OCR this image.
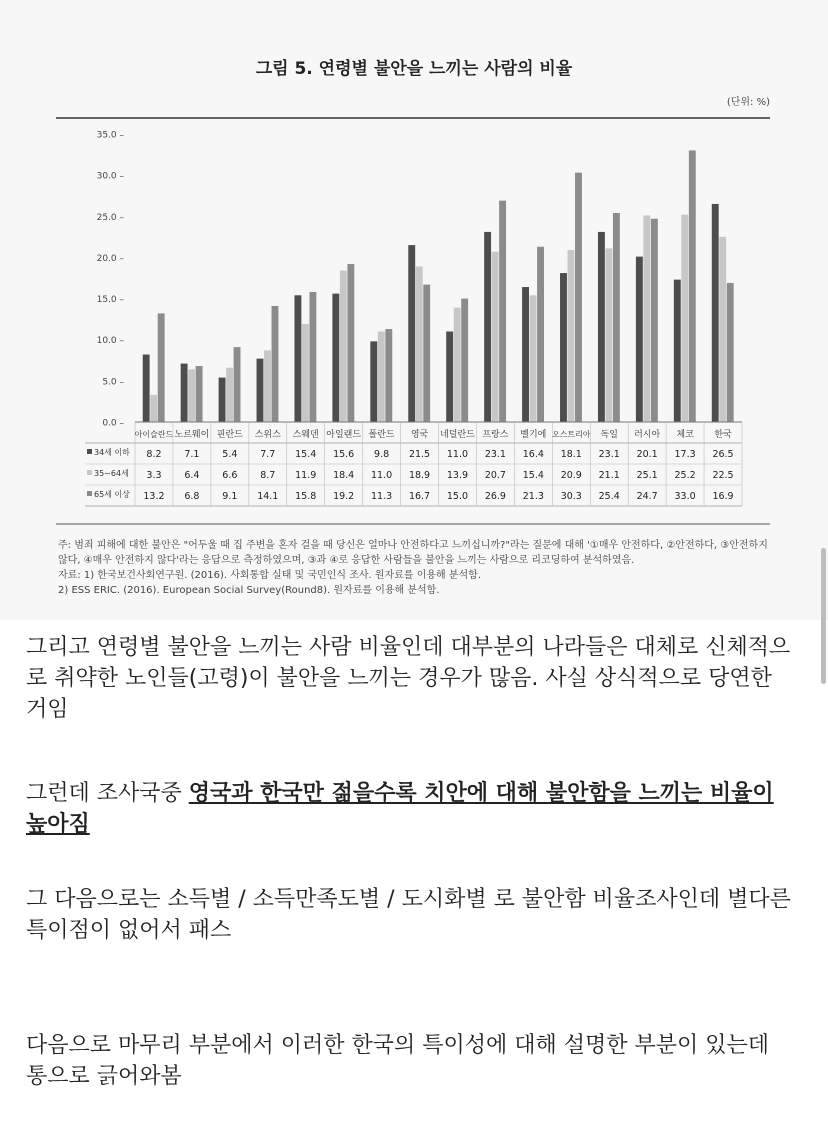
그림 5. 연령별 불안을 느끼는 사람의 비율
(단위: %)
35.0 –
30.0 –
25.0 –
20.0 –
15.0 –
10.0 –
5.0 –
0.0 –
아이슬란드 노르웨이 핀란드 스위스 스웨덴 아일랜드 폴란드 영국 네덜란드 프랑스 벨기에 오스트리아 독일 러시아 체코 한국
34세 이하 8.2 7.1 5.4 7.7 15.4 15.6 9.8 21.5 11.0 23.1 16.4 18.1 23.1 20.1 17.3 26.5
35~64세 3.3 6.4 6.6 8.7 11.9 18.4 11.0 18.9 13.9 20.7 15.4 20.9 21.1 25.1 25.2 22.5
65세 이상 13.2 6.8 9.1 14.1 15.8 19.2 11.3 16.7 15.0 26.9 21.3 30.3 25.4 24.7 33.0 16.9
주: 범죄 피해에 대한 불안은 "어두울 때 집 주변을 혼자 걸을 때 당신은 얼마나 안전하다고 느끼십니까?"라는 질문에 대해 '①매우 안전하다, ②안전하다, ③안전하지
않다, ④매우 안전하지 않다'라는 응답으로 측정하였으며, ③과 ④로 응답한 사람들을 불안을 느끼는 사람으로 리코딩하여 분석하였음.
자료: 1) 한국보건사회연구원. (2016). 사회통합 실태 및 국민인식 조사. 원자료를 이용해 분석함.
2) ESS ERIC. (2016). European Social Survey(Round8). 원자료를 이용해 분석함.

그리고 연령별 불안을 느끼는 사람 비율인데 대부분의 나라들은 대체로 신체적으로 취약한 노인들(고령)이 불안을 느끼는 경우가 많음. 사실 상식적으로 당연한 거임

그런데 조사국중 영국과 한국만 젊을수록 치안에 대해 불안함을 느끼는 비율이 높아짐

그 다음으로는 소득별 / 소득만족도별 / 도시화별 로 불안함 비율조사인데 별다른 특이점이 없어서 패스

다음으로 마무리 부분에서 이러한 한국의 특이성에 대해 설명한 부분이 있는데 통으로 긁어와봄
